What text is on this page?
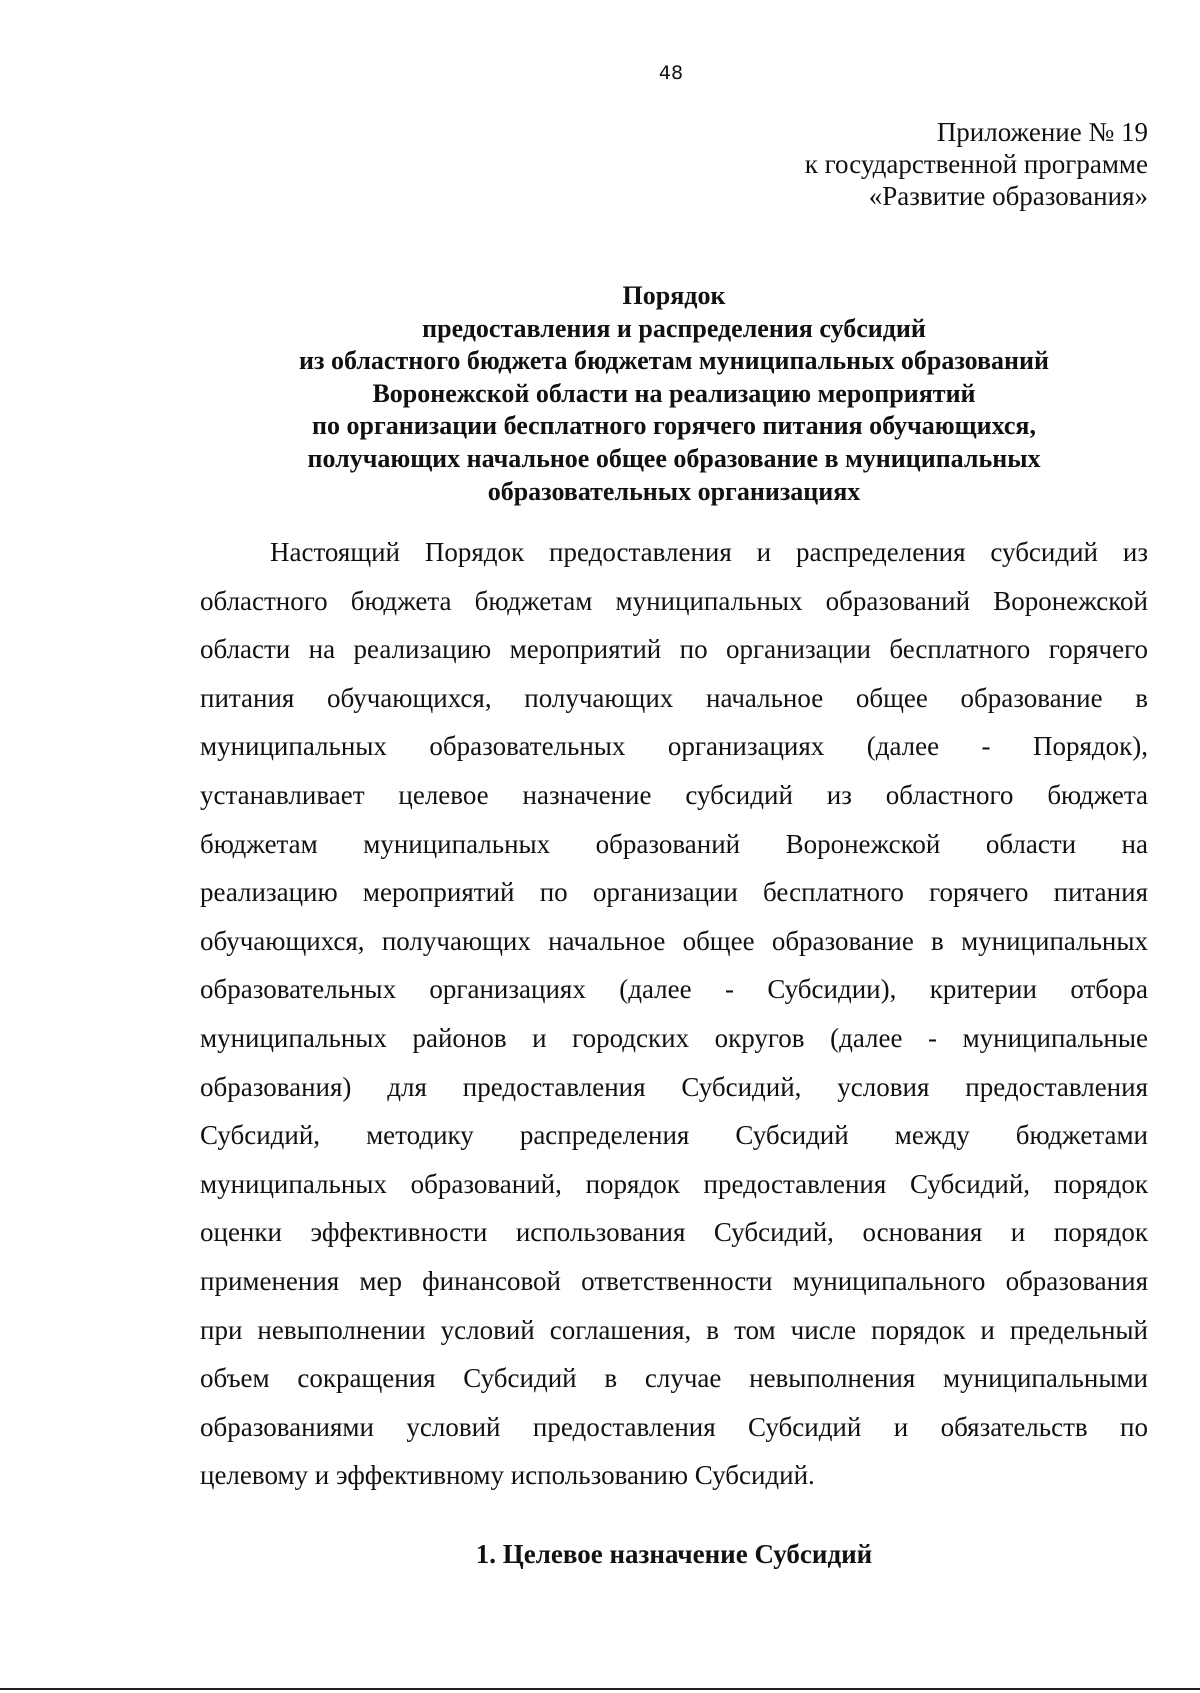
48
Приложение № 19
к государственной программе
«Развитие образования»
Порядок
предоставления и распределения субсидий
из областного бюджета бюджетам муниципальных образований
Воронежской области на реализацию мероприятий
по организации бесплатного горячего питания обучающихся,
получающих начальное общее образование в муниципальных
образовательных организациях
Настоящий Порядок предоставления и распределения субсидий из
областного бюджета бюджетам муниципальных образований Воронежской
области на реализацию мероприятий по организации бесплатного горячего
питания обучающихся, получающих начальное общее образование в
муниципальных образовательных организациях (далее - Порядок),
устанавливает целевое назначение субсидий из областного бюджета
бюджетам муниципальных образований Воронежской области на
реализацию мероприятий по организации бесплатного горячего питания
обучающихся, получающих начальное общее образование в муниципальных
образовательных организациях (далее - Субсидии), критерии отбора
муниципальных районов и городских округов (далее - муниципальные
образования) для предоставления Субсидий, условия предоставления
Субсидий, методику распределения Субсидий между бюджетами
муниципальных образований, порядок предоставления Субсидий, порядок
оценки эффективности использования Субсидий, основания и порядок
применения мер финансовой ответственности муниципального образования
при невыполнении условий соглашения, в том числе порядок и предельный
объем сокращения Субсидий в случае невыполнения муниципальными
образованиями условий предоставления Субсидий и обязательств по
целевому и эффективному использованию Субсидий.
1. Целевое назначение Субсидий
